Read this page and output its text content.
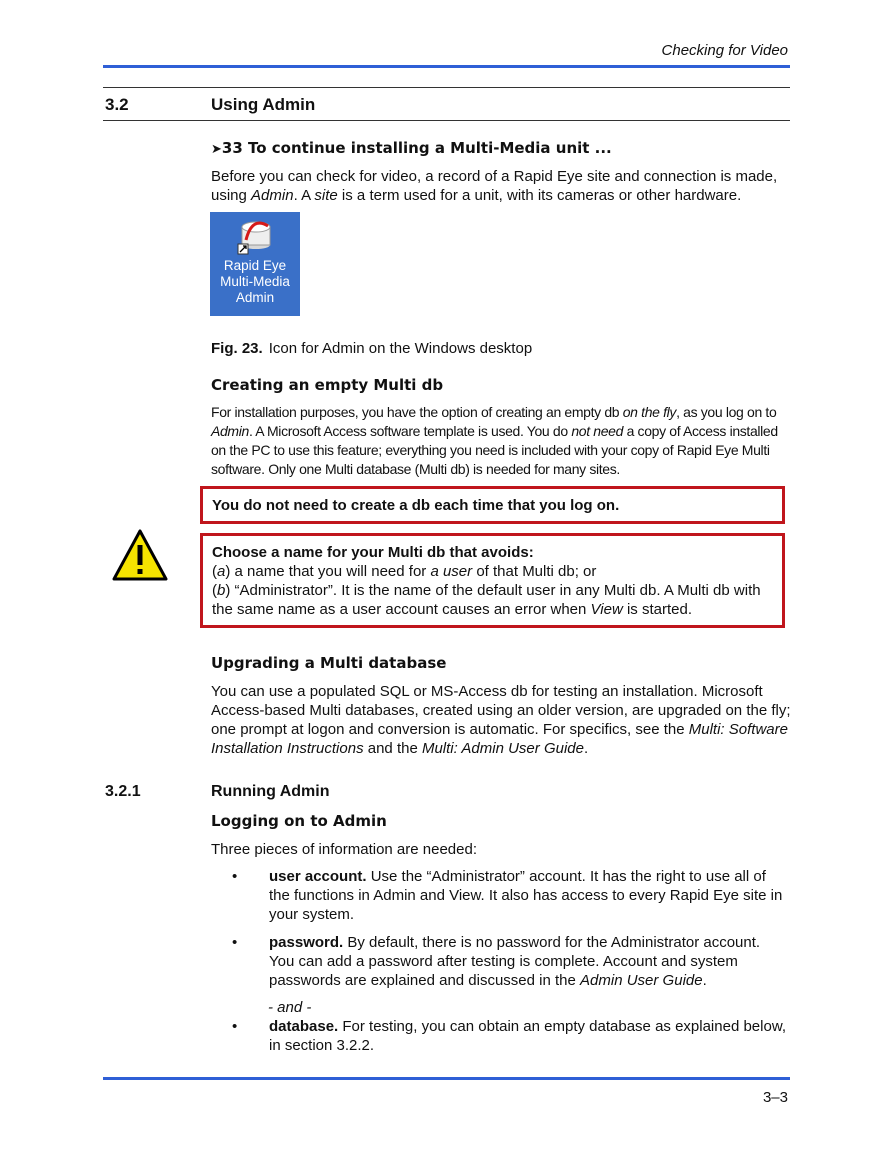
Checking for Video
3.2	Using Admin
➤33 To continue installing a Multi-Media unit ...
Before you can check for video, a record of a Rapid Eye site and connection is made, using Admin. A site is a term used for a unit, with its cameras or other hardware.
Rapid Eye
Multi-Media
Admin
Fig. 23. Icon for Admin on the Windows desktop
Creating an empty Multi db
For installation purposes, you have the option of creating an empty db on the fly, as you log on to Admin. A Microsoft Access software template is used. You do not need a copy of Access installed on the PC to use this feature; everything you need is included with your copy of Rapid Eye Multi software. Only one Multi database (Multi db) is needed for many sites.
You do not need to create a db each time that you log on.
Choose a name for your Multi db that avoids:
(a) a name that you will need for a user of that Multi db; or
(b) “Administrator”. It is the name of the default user in any Multi db. A Multi db with the same name as a user account causes an error when View is started.
Upgrading a Multi database
You can use a populated SQL or MS-Access db for testing an installation. Microsoft Access-based Multi databases, created using an older version, are upgraded on the fly; one prompt at logon and conversion is automatic. For specifics, see the Multi: Software Installation Instructions and the Multi: Admin User Guide.
3.2.1	Running Admin
Logging on to Admin
Three pieces of information are needed:
• user account. Use the “Administrator” account. It has the right to use all of the functions in Admin and View. It also has access to every Rapid Eye site in your system.
• password. By default, there is no password for the Administrator account. You can add a password after testing is complete. Account and system passwords are explained and discussed in the Admin User Guide.
- and -
• database. For testing, you can obtain an empty database as explained below, in section 3.2.2.
3–3
